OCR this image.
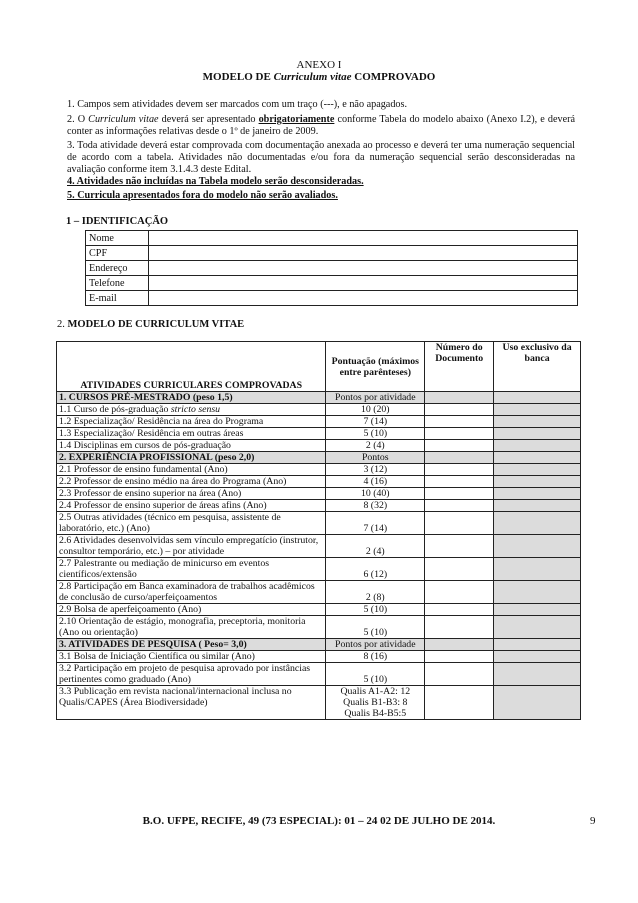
ANEXO I
MODELO DE Curriculum vitae COMPROVADO
1. Campos sem atividades devem ser marcados com um traço (---), e não apagados.
2. O Curriculum vitae deverá ser apresentado obrigatoriamente conforme Tabela do modelo abaixo (Anexo I.2), e deverá conter as informações relativas desde o 1º de janeiro de 2009.
3. Toda atividade deverá estar comprovada com documentação anexada ao processo e deverá ter uma numeração sequencial de acordo com a tabela. Atividades não documentadas e/ou fora da numeração sequencial serão desconsideradas na avaliação conforme item 3.1.4.3 deste Edital.
4. Atividades não incluídas na Tabela modelo serão desconsideradas.
5. Curricula apresentados fora do modelo não serão avaliados.
1 – IDENTIFICAÇÃO
Nome	
CPF	
Endereço	
Telefone	
E-mail	
2. MODELO DE CURRICULUM VITAE
ATIVIDADES CURRICULARES COMPROVADAS	Pontuação (máximos entre parênteses)	Número do Documento	Uso exclusivo da banca
1. CURSOS PRÉ-MESTRADO (peso 1,5)	Pontos por atividade		
1.1 Curso de pós-graduação stricto sensu	10 (20)		
1.2 Especialização/ Residência na área do Programa	7 (14)		
1.3 Especialização/ Residência em outras áreas	5 (10)		
1.4 Disciplinas em cursos de pós-graduação	2 (4)		
2. EXPERIÊNCIA PROFISSIONAL (peso 2,0)	Pontos		
2.1 Professor de ensino fundamental (Ano)	3 (12)		
2.2 Professor de ensino médio na área do Programa (Ano)	4 (16)		
2.3 Professor de ensino superior na área (Ano)	10 (40)		
2.4 Professor de ensino superior de áreas afins (Ano)	8 (32)		
2.5 Outras atividades (técnico em pesquisa, assistente de laboratório, etc.) (Ano)	7 (14)		
2.6 Atividades desenvolvidas sem vínculo empregatício (instrutor, consultor temporário, etc.) – por atividade	2 (4)		
2.7 Palestrante ou mediação de minicurso em eventos científicos/extensão	6 (12)		
2.8 Participação em Banca examinadora de trabalhos acadêmicos de conclusão de curso/aperfeiçoamentos	2 (8)		
2.9 Bolsa de aperfeiçoamento (Ano)	5 (10)		
2.10 Orientação de estágio, monografia, preceptoria, monitoria (Ano ou orientação)	5 (10)		
3. ATIVIDADES DE PESQUISA ( Peso= 3,0)	Pontos por atividade		
3.1 Bolsa de Iniciação Científica ou similar (Ano)	8 (16)		
3.2 Participação em projeto de pesquisa aprovado por instâncias pertinentes como graduado (Ano)	5 (10)		
3.3 Publicação em revista nacional/internacional inclusa no Qualis/CAPES (Área Biodiversidade)	Qualis A1-A2: 12
Qualis B1-B3: 8
Qualis B4-B5:5		

B.O. UFPE, RECIFE, 49 (73 ESPECIAL): 01 – 24 02 DE JULHO DE 2014.	9
